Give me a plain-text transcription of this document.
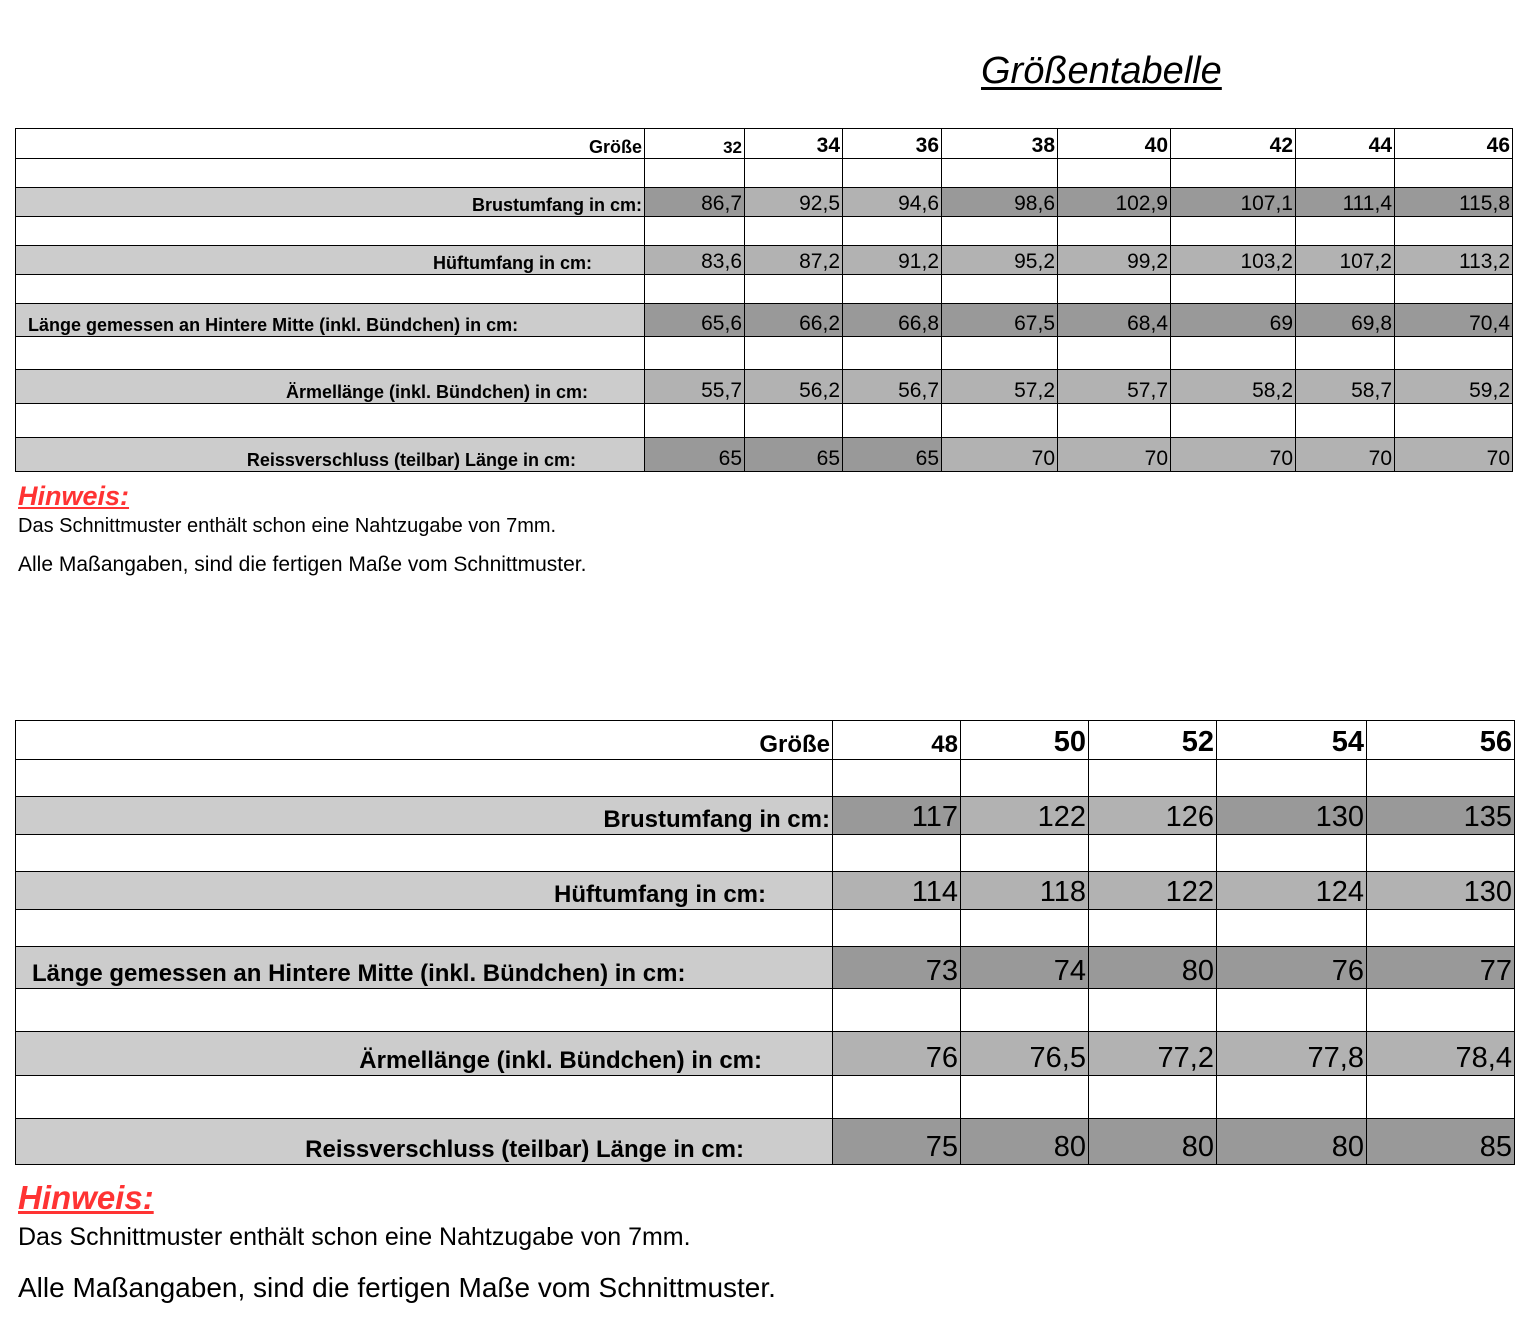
Größentabelle
Größe	32	34	36	38	40	42	44	46

Brustumfang in cm:	86,7	92,5	94,6	98,6	102,9	107,1	111,4	115,8

Hüftumfang in cm:	83,6	87,2	91,2	95,2	99,2	103,2	107,2	113,2

Länge gemessen an Hintere Mitte (inkl. Bündchen) in cm:	65,6	66,2	66,8	67,5	68,4	69	69,8	70,4

Ärmellänge (inkl. Bündchen) in cm:	55,7	56,2	56,7	57,2	57,7	58,2	58,7	59,2

Reissverschluss (teilbar) Länge in cm:	65	65	65	70	70	70	70	70
Hinweis:
Das Schnittmuster enthält schon eine Nahtzugabe von 7mm.
Alle Maßangaben, sind die fertigen Maße vom Schnittmuster.
Größe	48	50	52	54	56

Brustumfang in cm:	117	122	126	130	135

Hüftumfang in cm:	114	118	122	124	130

Länge gemessen an Hintere Mitte (inkl. Bündchen) in cm:	73	74	80	76	77

Ärmellänge (inkl. Bündchen) in cm:	76	76,5	77,2	77,8	78,4

Reissverschluss (teilbar) Länge in cm:	75	80	80	80	85
Hinweis:
Das Schnittmuster enthält schon eine Nahtzugabe von 7mm.
Alle Maßangaben, sind die fertigen Maße vom Schnittmuster.
